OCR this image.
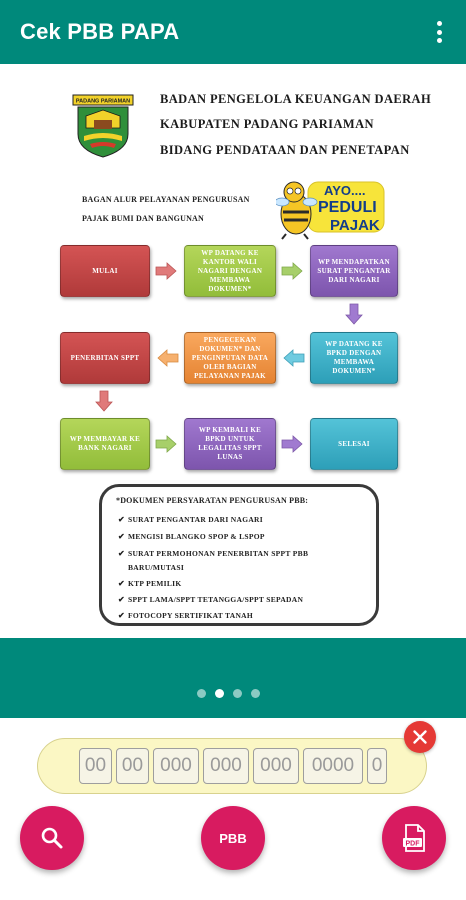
Cek PBB PAPA
PADANG PARIAMAN BADAN PENGELOLA KEUANGAN DAERAH
KABUPATEN PADANG PARIAMAN
BIDANG PENDATAAN DAN PENETAPAN
BAGAN ALUR PELAYANAN PENGURUSAN
PAJAK BUMI DAN BANGUNAN
AYO....
PEDULI
PAJAK
MULAI
WP DATANG KE KANTOR WALI NAGARI DENGAN MEMBAWA DOKUMEN*
WP MENDAPATKAN SURAT PENGANTAR DARI NAGARI
PENERBITAN SPPT
PENGECEKAN DOKUMEN* DAN PENGINPUTAN DATA OLEH BAGIAN PELAYANAN PAJAK
WP DATANG KE BPKD DENGAN MEMBAWA DOKUMEN*
WP MEMBAYAR KE BANK NAGARI
WP KEMBALI KE BPKD UNTUK LEGALITAS SPPT LUNAS
SELESAI
*DOKUMEN PERSYARATAN PENGURUSAN PBB:
✔ SURAT PENGANTAR DARI NAGARI
✔ MENGISI BLANGKO SPOP & LSPOP
✔ SURAT PERMOHONAN PENERBITAN SPPT PBB
BARU/MUTASI
✔ KTP PEMILIK
✔ SPPT LAMA/SPPT TETANGGA/SPPT SEPADAN
✔ FOTOCOPY SERTIFIKAT TANAH
00 00 000 000 000	0000 0
PBB	PDF
